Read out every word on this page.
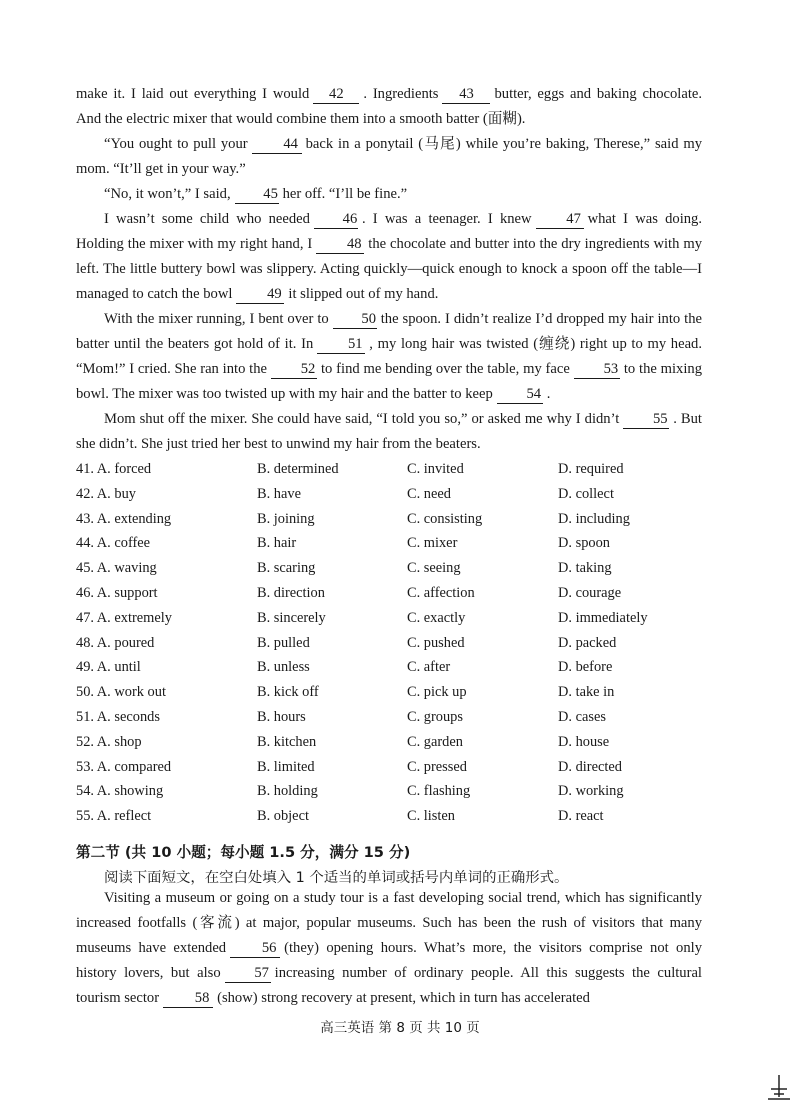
make it. I laid out everything I would 42 . Ingredients 43 butter, eggs and baking chocolate. And the electric mixer that would combine them into a smooth batter (面糊).

“You ought to pull your 44 back in a ponytail (马尾) while you’re baking, Therese,” said my mom. “It’ll get in your way.”

“No, it won’t,” I said, 45 her off. “I’ll be fine.”

I wasn’t some child who needed 46 . I was a teenager. I knew 47 what I was doing. Holding the mixer with my right hand, I 48 the chocolate and butter into the dry ingredients with my left. The little buttery bowl was slippery. Acting quickly—quick enough to knock a spoon off the table—I managed to catch the bowl 49 it slipped out of my hand.

With the mixer running, I bent over to 50 the spoon. I didn’t realize I’d dropped my hair into the batter until the beaters got hold of it. In 51 , my long hair was twisted (缠绕) right up to my head. “Mom!” I cried. She ran into the 52 to find me bending over the table, my face 53 to the mixing bowl. The mixer was too twisted up with my hair and the batter to keep 54 .

Mom shut off the mixer. She could have said, “I told you so,” or asked me why I didn’t 55 . But she didn’t. She just tried her best to unwind my hair from the beaters.

41. A. forced	B. determined	C. invited	D. required
42. A. buy	B. have	C. need	D. collect
43. A. extending	B. joining	C. consisting	D. including
44. A. coffee	B. hair	C. mixer	D. spoon
45. A. waving	B. scaring	C. seeing	D. taking
46. A. support	B. direction	C. affection	D. courage
47. A. extremely	B. sincerely	C. exactly	D. immediately
48. A. poured	B. pulled	C. pushed	D. packed
49. A. until	B. unless	C. after	D. before
50. A. work out	B. kick off	C. pick up	D. take in
51. A. seconds	B. hours	C. groups	D. cases
52. A. shop	B. kitchen	C. garden	D. house
53. A. compared	B. limited	C. pressed	D. directed
54. A. showing	B. holding	C. flashing	D. working
55. A. reflect	B. object	C. listen	D. react
第二节 (共 10 小题；每小题 1.5 分，满分 15 分)
阅读下面短文，在空白处填入 1 个适当的单词或括号内单词的正确形式。

Visiting a museum or going on a study tour is a fast developing social trend, which has significantly increased footfalls (客流) at major, popular museums. Such has been the rush of visitors that many museums have extended 56 (they) opening hours. What’s more, the visitors comprise not only history lovers, but also 57 increasing number of ordinary people. All this suggests the cultural tourism sector 58 (show) strong recovery at present, which in turn has accelerated

高三英语 第 8 页 共 10 页
